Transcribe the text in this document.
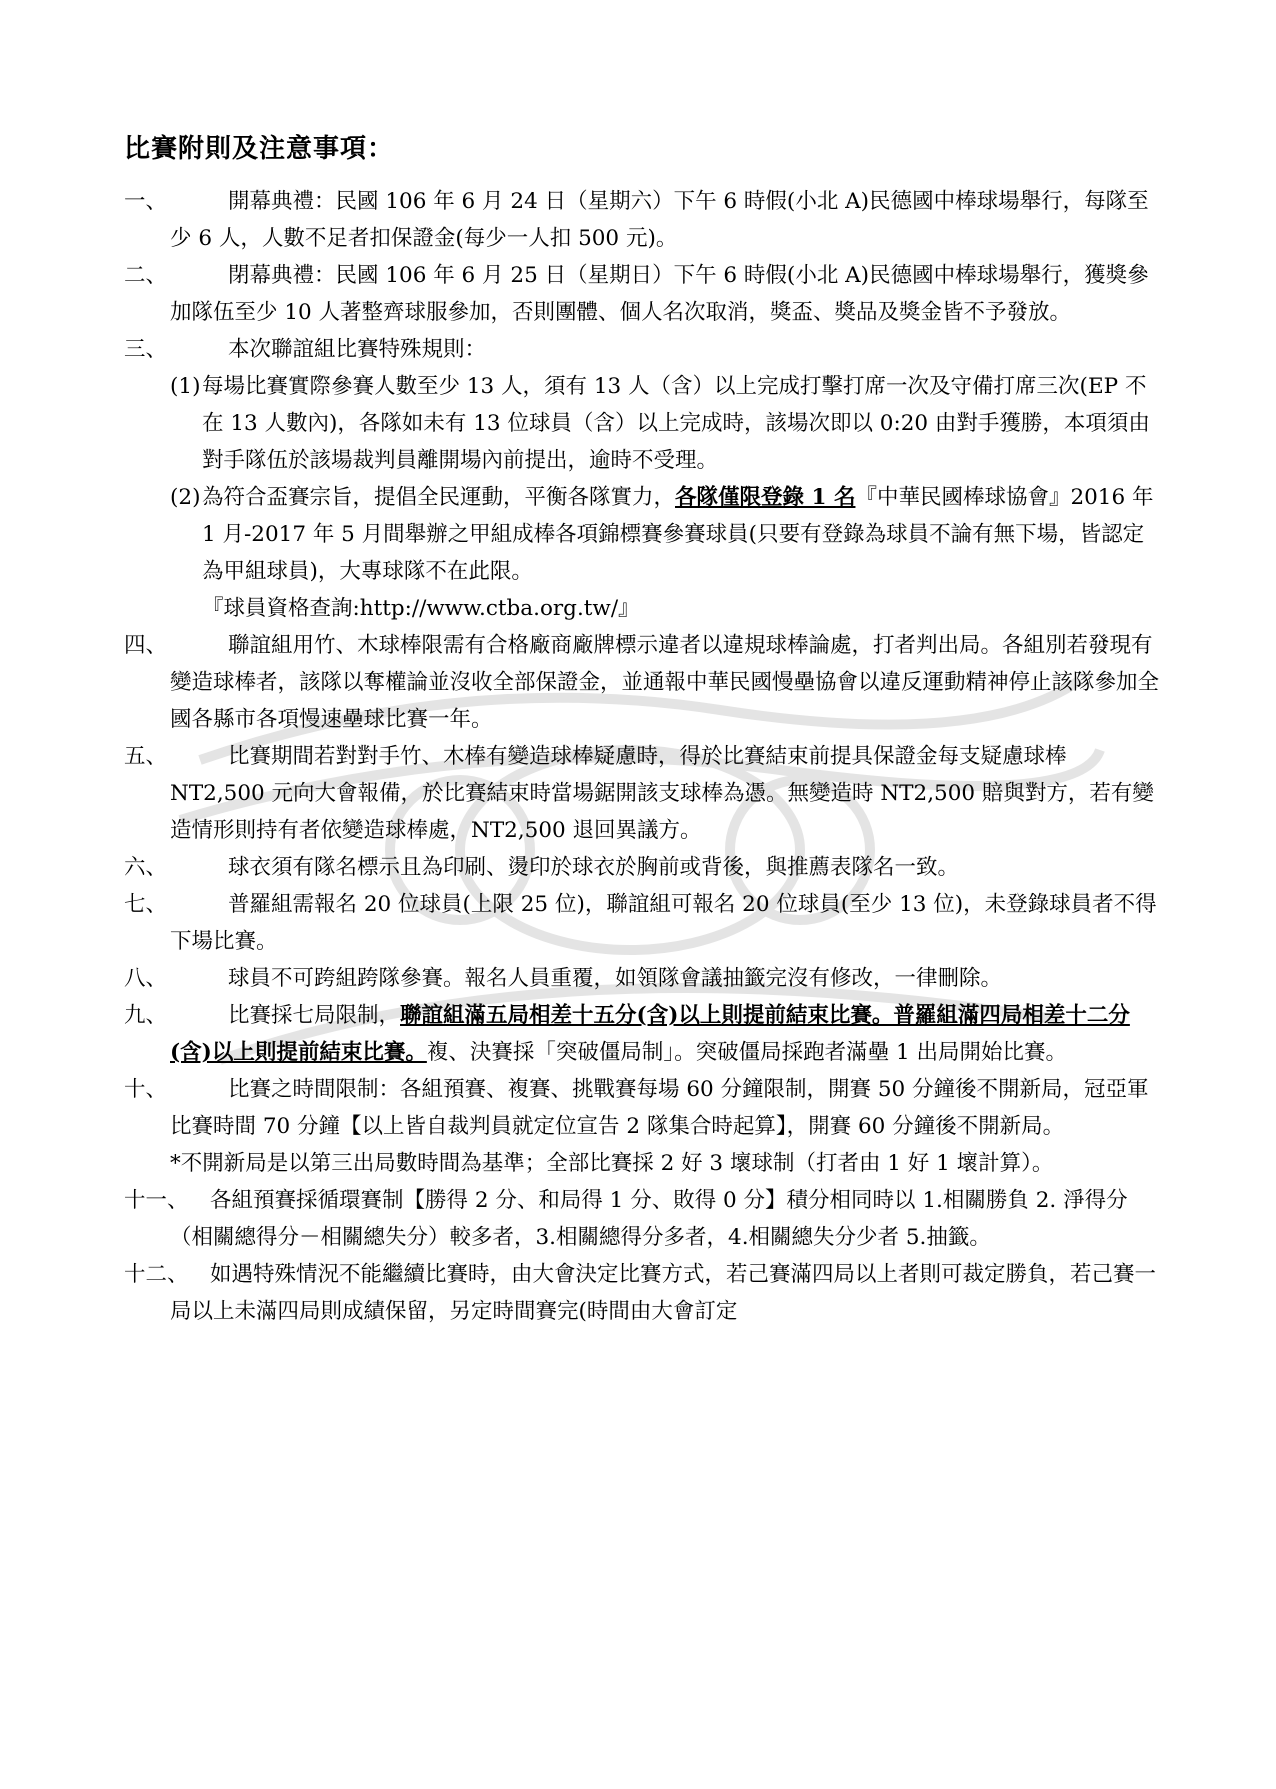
比賽附則及注意事項：
一、	開幕典禮：民國 106 年 6 月 24 日（星期六）下午 6 時假(小北 A)民德國中棒球場舉行，每隊至少 6 人，人數不足者扣保證金(每少一人扣 500 元)。
二、	閉幕典禮：民國 106 年 6 月 25 日（星期日）下午 6 時假(小北 A)民德國中棒球場舉行，獲獎參加隊伍至少 10 人著整齊球服參加，否則團體、個人名次取消，獎盃、獎品及獎金皆不予發放。
三、	本次聯誼組比賽特殊規則：
(1) 每場比賽實際參賽人數至少 13 人，須有 13 人（含）以上完成打擊打席一次及守備打席三次(EP 不在 13 人數內)，各隊如未有 13 位球員（含）以上完成時，該場次即以 0:20 由對手獲勝，本項須由對手隊伍於該場裁判員離開場內前提出，逾時不受理。
(2) 為符合盃賽宗旨，提倡全民運動，平衡各隊實力，各隊僅限登錄 1 名『中華民國棒球協會』2016 年 1 月-2017 年 5 月間舉辦之甲組成棒各項錦標賽參賽球員(只要有登錄為球員不論有無下場，皆認定為甲組球員)，大專球隊不在此限。
『球員資格查詢:http://www.ctba.org.tw/』
四、	聯誼組用竹、木球棒限需有合格廠商廠牌標示違者以違規球棒論處，打者判出局。各組別若發現有變造球棒者，該隊以奪權論並沒收全部保證金，並通報中華民國慢壘協會以違反運動精神停止該隊參加全國各縣市各項慢速壘球比賽一年。
五、	比賽期間若對對手竹、木棒有變造球棒疑慮時，得於比賽結束前提具保證金每支疑慮球棒 NT2,500 元向大會報備，於比賽結束時當場鋸開該支球棒為憑。無變造時 NT2,500 賠與對方，若有變造情形則持有者依變造球棒處，NT2,500 退回異議方。
六、	球衣須有隊名標示且為印刷、燙印於球衣於胸前或背後，與推薦表隊名一致。
七、	普羅組需報名 20 位球員(上限 25 位)，聯誼組可報名 20 位球員(至少 13 位)，未登錄球員者不得下場比賽。
八、	球員不可跨組跨隊參賽。報名人員重覆，如領隊會議抽籤完沒有修改，一律刪除。
九、	比賽採七局限制，聯誼組滿五局相差十五分(含)以上則提前結束比賽。普羅組滿四局相差十二分(含)以上則提前結束比賽。複、決賽採「突破僵局制」。突破僵局採跑者滿壘 1 出局開始比賽。
十、	比賽之時間限制：各組預賽、複賽、挑戰賽每場 60 分鐘限制，開賽 50 分鐘後不開新局，冠亞軍比賽時間 70 分鐘【以上皆自裁判員就定位宣告 2 隊集合時起算】，開賽 60 分鐘後不開新局。
*不開新局是以第三出局數時間為基準；全部比賽採 2 好 3 壞球制（打者由 1 好 1 壞計算）。
十一、 各組預賽採循環賽制【勝得 2 分、和局得 1 分、敗得 0 分】積分相同時以 1.相關勝負 2. 淨得分（相關總得分－相關總失分）較多者，3.相關總得分多者，4.相關總失分少者 5.抽籤。
十二、 如遇特殊情況不能繼續比賽時，由大會決定比賽方式，若己賽滿四局以上者則可裁定勝負，若己賽一局以上未滿四局則成績保留，另定時間賽完(時間由大會訂定
